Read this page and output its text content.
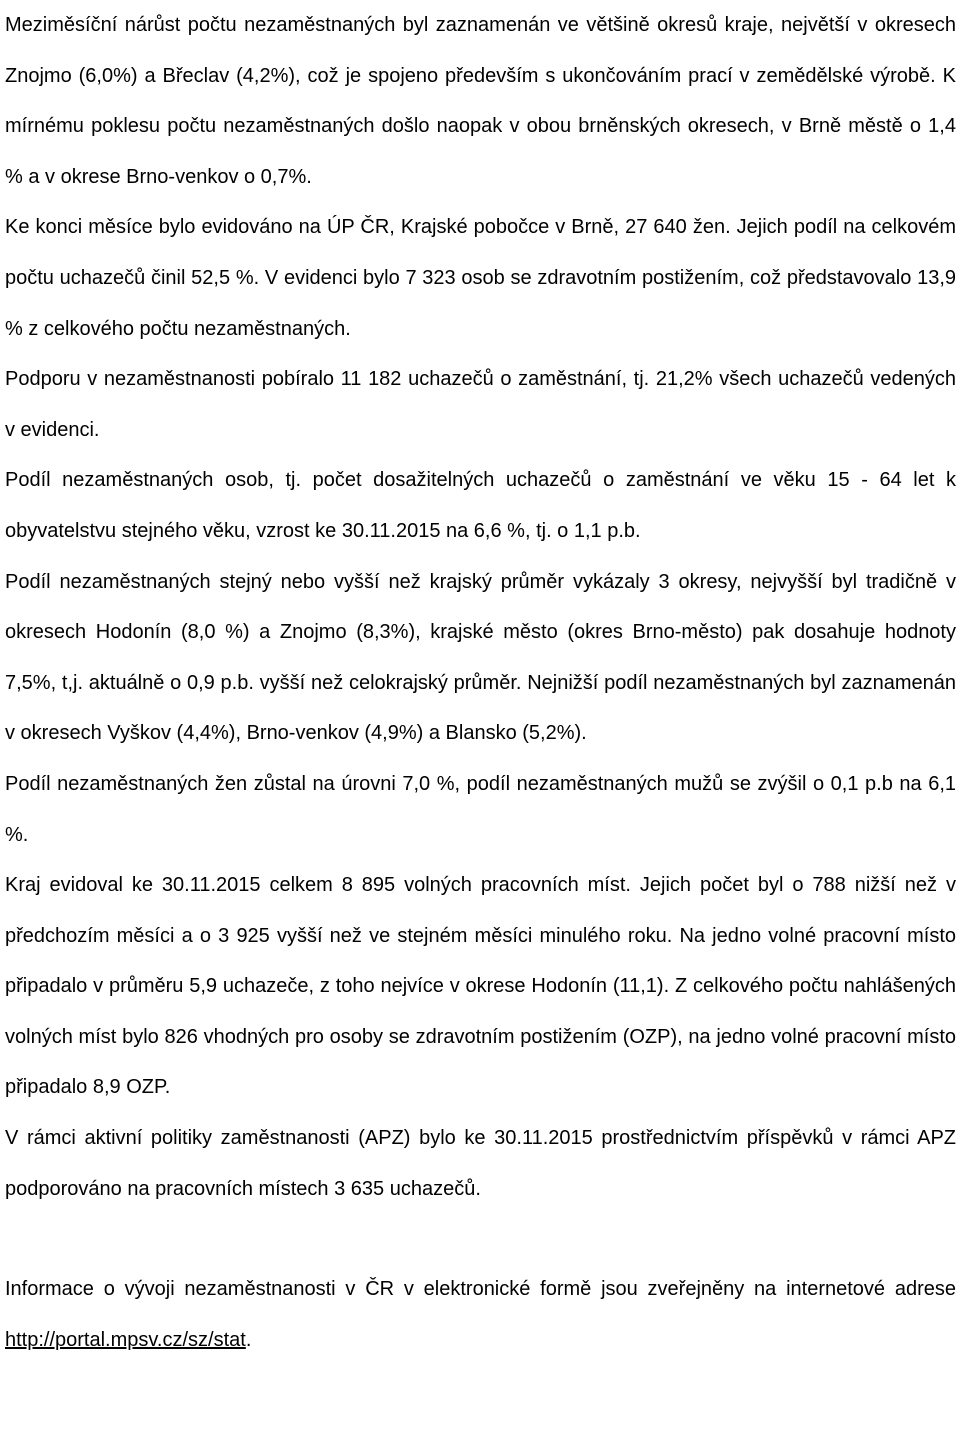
Meziměsíční nárůst počtu nezaměstnaných byl zaznamenán ve většině okresů kraje, největší v okresech Znojmo (6,0%) a Břeclav (4,2%), což je spojeno především s ukončováním prací v zemědělské výrobě. K mírnému poklesu počtu nezaměstnaných došlo naopak v obou brněnských okresech, v Brně městě o 1,4 % a v okrese Brno-venkov o 0,7%.

Ke konci měsíce bylo evidováno na ÚP ČR, Krajské pobočce v Brně, 27 640 žen. Jejich podíl na celkovém počtu uchazečů činil 52,5 %. V evidenci bylo 7 323 osob se zdravotním postižením, což představovalo 13,9 % z celkového počtu nezaměstnaných.

Podporu v nezaměstnanosti pobíralo 11 182 uchazečů o zaměstnání, tj. 21,2% všech uchazečů vedených v evidenci.

Podíl nezaměstnaných osob, tj. počet dosažitelných uchazečů o zaměstnání ve věku 15 - 64 let k obyvatelstvu stejného věku, vzrost ke 30.11.2015 na 6,6 %, tj. o 1,1 p.b.

Podíl nezaměstnaných stejný nebo vyšší než krajský průměr vykázaly 3 okresy, nejvyšší byl tradičně v okresech Hodonín (8,0 %) a Znojmo (8,3%), krajské město (okres Brno-město) pak dosahuje hodnoty 7,5%, t,j. aktuálně o 0,9 p.b. vyšší než celokrajský průměr. Nejnižší podíl nezaměstnaných byl zaznamenán v okresech Vyškov (4,4%), Brno-venkov (4,9%) a Blansko (5,2%).

Podíl nezaměstnaných žen zůstal na úrovni 7,0 %, podíl nezaměstnaných mužů se zvýšil o 0,1 p.b na 6,1 %.

Kraj evidoval ke 30.11.2015 celkem 8 895 volných pracovních míst. Jejich počet byl o 788 nižší než v předchozím měsíci a o 3 925 vyšší než ve stejném měsíci minulého roku. Na jedno volné pracovní místo připadalo v průměru 5,9 uchazeče, z toho nejvíce v okrese Hodonín (11,1). Z celkového počtu nahlášených volných míst bylo 826 vhodných pro osoby se zdravotním postižením (OZP), na jedno volné pracovní místo připadalo 8,9 OZP.

V rámci aktivní politiky zaměstnanosti (APZ) bylo ke 30.11.2015 prostřednictvím příspěvků v rámci APZ podporováno na pracovních místech 3 635 uchazečů.

Informace o vývoji nezaměstnanosti v ČR v elektronické formě jsou zveřejněny na internetové adrese http://portal.mpsv.cz/sz/stat.
